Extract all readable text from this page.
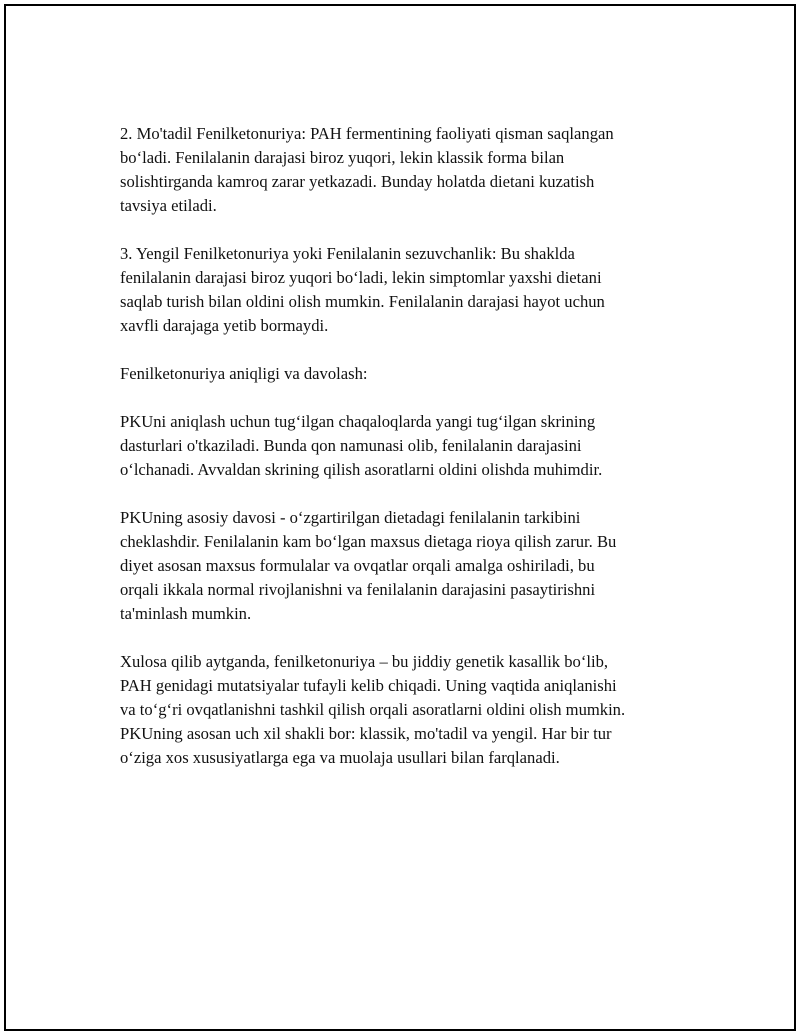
2. Mo'tadil Fenilketonuriya: PAH fermentining faoliyati qisman saqlangan
bo‘ladi. Fenilalanin darajasi biroz yuqori, lekin klassik forma bilan
solishtirganda kamroq zarar yetkazadi. Bunday holatda dietani kuzatish
tavsiya etiladi.

3. Yengil Fenilketonuriya yoki Fenilalanin sezuvchanlik: Bu shaklda
fenilalanin darajasi biroz yuqori bo‘ladi, lekin simptomlar yaxshi dietani
saqlab turish bilan oldini olish mumkin. Fenilalanin darajasi hayot uchun
xavfli darajaga yetib bormaydi.

Fenilketonuriya aniqligi va davolash:

PKUni aniqlash uchun tug‘ilgan chaqaloqlarda yangi tug‘ilgan skrining
dasturlari o'tkaziladi. Bunda qon namunasi olib, fenilalanin darajasini
o‘lchanadi. Avvaldan skrining qilish asoratlarni oldini olishda muhimdir.

PKUning asosiy davosi - o‘zgartirilgan dietadagi fenilalanin tarkibini
cheklashdir. Fenilalanin kam bo‘lgan maxsus dietaga rioya qilish zarur. Bu
diyet asosan maxsus formulalar va ovqatlar orqali amalga oshiriladi, bu
orqali ikkala normal rivojlanishni va fenilalanin darajasini pasaytirishni
ta'minlash mumkin.

Xulosa qilib aytganda, fenilketonuriya – bu jiddiy genetik kasallik bo‘lib,
PAH genidagi mutatsiyalar tufayli kelib chiqadi. Uning vaqtida aniqlanishi
va to‘g‘ri ovqatlanishni tashkil qilish orqali asoratlarni oldini olish mumkin.
PKUning asosan uch xil shakli bor: klassik, mo'tadil va yengil. Har bir tur
o‘ziga xos xususiyatlarga ega va muolaja usullari bilan farqlanadi.
